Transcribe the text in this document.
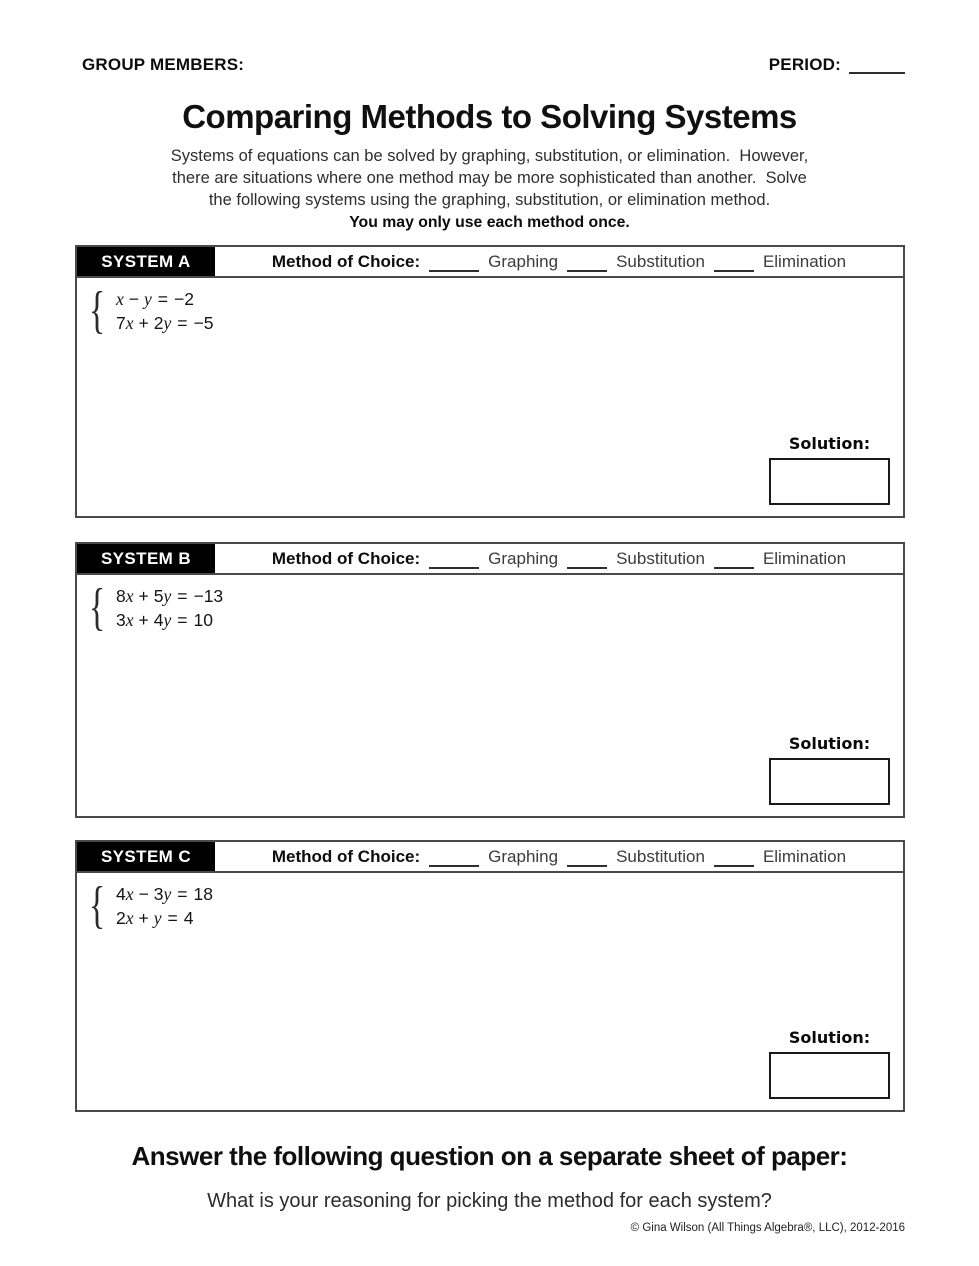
GROUP MEMBERS:	PERIOD:
Comparing Methods to Solving Systems
Systems of equations can be solved by graphing, substitution, or elimination.  However,
there are situations where one method may be more sophisticated than another.  Solve
the following systems using the graphing, substitution, or elimination method.
You may only use each method once.
SYSTEM A	Method of Choice:	Graphing	Substitution	Elimination
{ x − y = −2
7x + 2y = −5
Solution:
SYSTEM B	Method of Choice:	Graphing	Substitution	Elimination
{ 8x + 5y = −13
3x + 4y = 10
Solution:
SYSTEM C	Method of Choice:	Graphing	Substitution	Elimination
{ 4x − 3y = 18
2x + y = 4
Solution:
Answer the following question on a separate sheet of paper:
What is your reasoning for picking the method for each system?
© Gina Wilson (All Things Algebra®, LLC), 2012-2016
